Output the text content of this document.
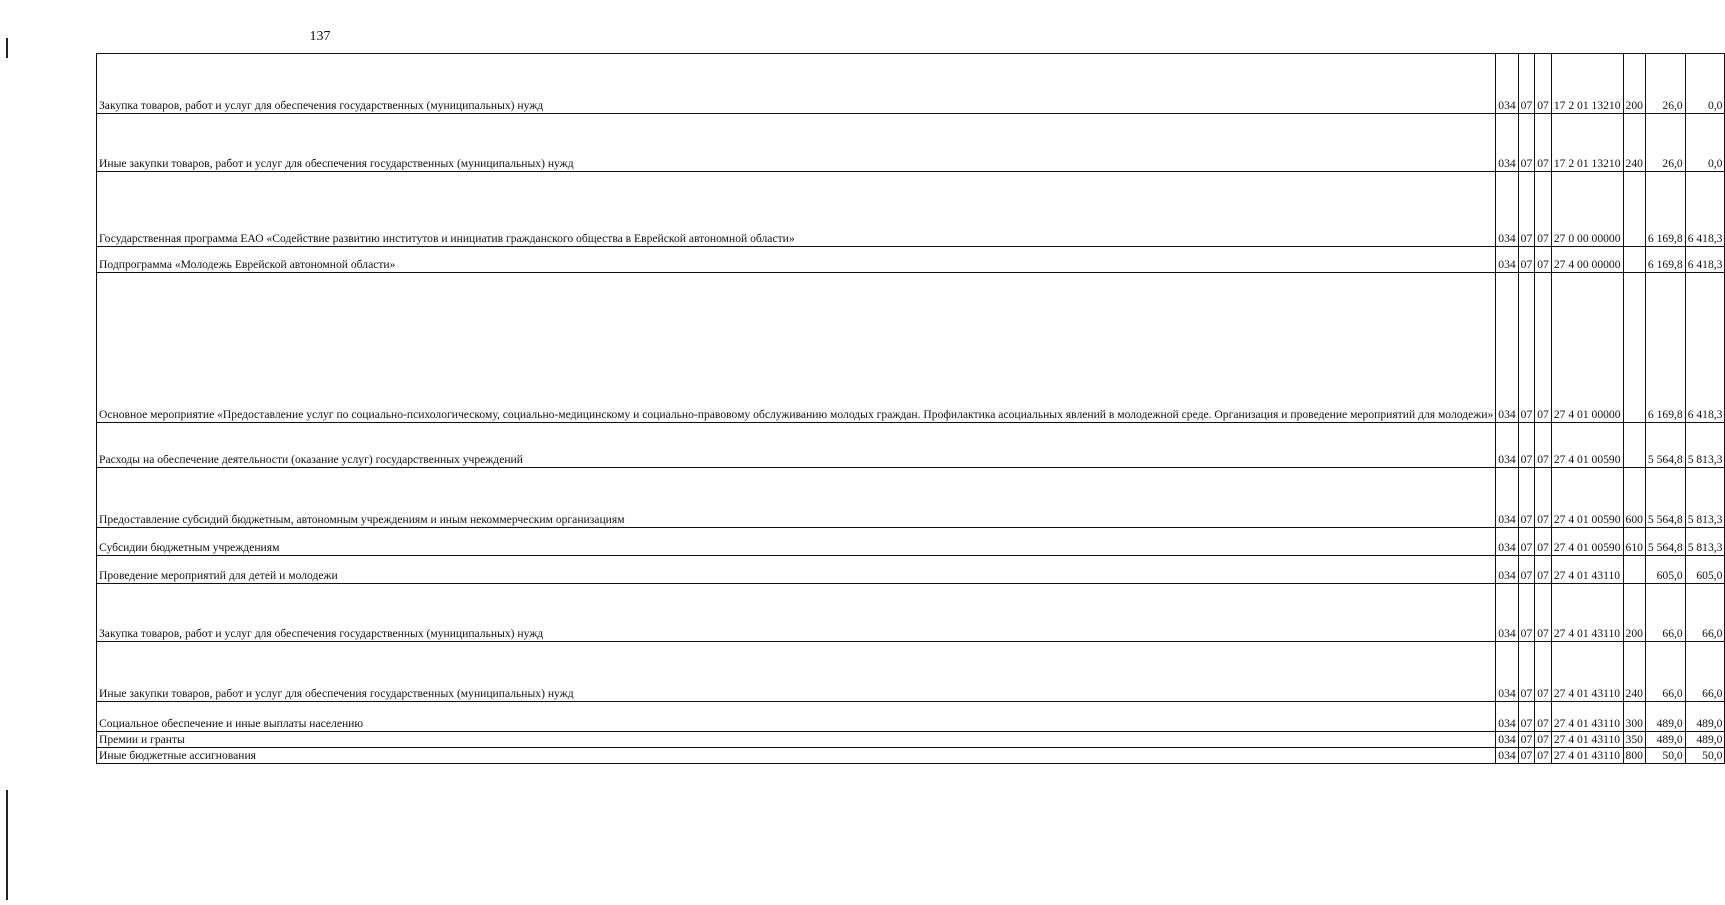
137
Закупка товаров, работ и услуг для обеспечения государственных (муниципальных) нужд	034	07	07	17 2 01 13210	200	26,0	0,0
Иные закупки товаров, работ и услуг для обеспечения государственных (муниципальных) нужд	034	07	07	17 2 01 13210	240	26,0	0,0
Государственная программа ЕАО «Содействие развитию институтов и инициатив гражданского общества в Еврейской автономной области»	034	07	07	27 0 00 00000		6 169,8	6 418,3
Подпрограмма «Молодежь Еврейской автономной области»	034	07	07	27 4 00 00000		6 169,8	6 418,3
Основное мероприятие «Предоставление услуг по социально-психологическому, социально-медицинскому и социально-правовому обслуживанию молодых граждан. Профилактика асоциальных явлений в молодежной среде. Организация и проведение мероприятий для молодежи»	034	07	07	27 4 01 00000		6 169,8	6 418,3
Расходы на обеспечение деятельности (оказание услуг) государственных учреждений	034	07	07	27 4 01 00590		5 564,8	5 813,3
Предоставление субсидий бюджетным, автономным учреждениям и иным некоммерческим организациям	034	07	07	27 4 01 00590	600	5 564,8	5 813,3
Субсидии бюджетным учреждениям	034	07	07	27 4 01 00590	610	5 564,8	5 813,3
Проведение мероприятий для детей и молодежи	034	07	07	27 4 01 43110		605,0	605,0
Закупка товаров, работ и услуг для обеспечения государственных (муниципальных) нужд	034	07	07	27 4 01 43110	200	66,0	66,0
Иные закупки товаров, работ и услуг для обеспечения государственных (муниципальных) нужд	034	07	07	27 4 01 43110	240	66,0	66,0
Социальное обеспечение и иные выплаты населению	034	07	07	27 4 01 43110	300	489,0	489,0
Премии и гранты	034	07	07	27 4 01 43110	350	489,0	489,0
Иные бюджетные ассигнования	034	07	07	27 4 01 43110	800	50,0	50,0
